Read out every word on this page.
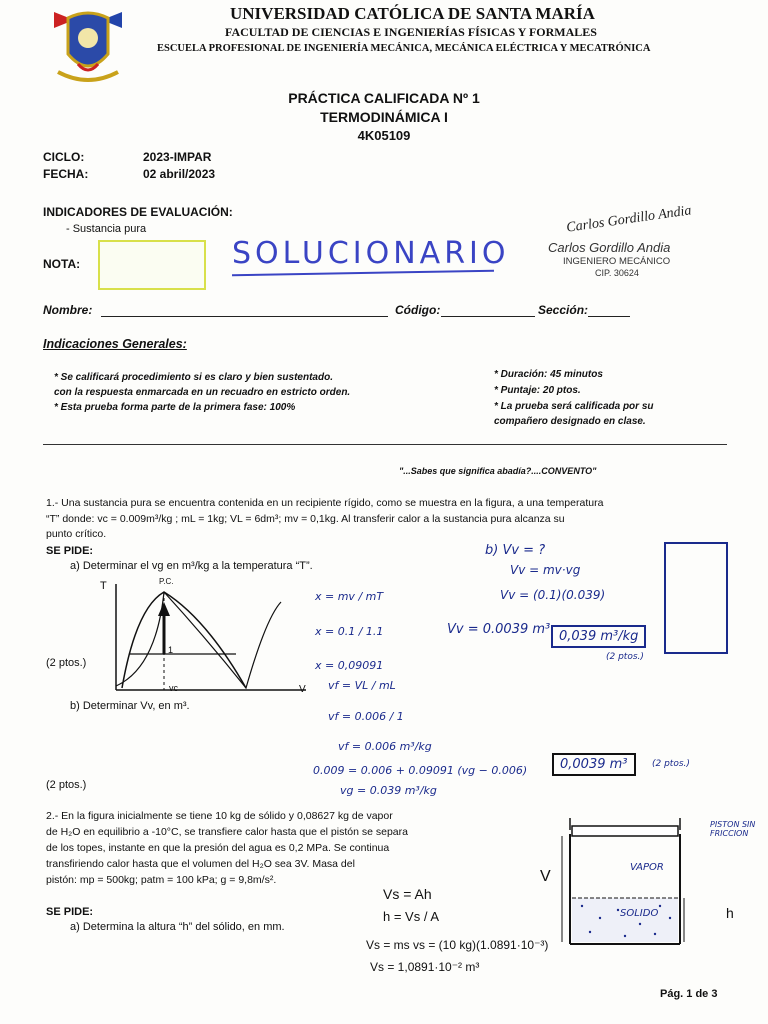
UNIVERSIDAD CATÓLICA DE SANTA MARÍA
FACULTAD DE CIENCIAS E INGENIERÍAS FÍSICAS Y FORMALES
ESCUELA PROFESIONAL DE INGENIERÍA MECÁNICA, MECÁNICA ELÉCTRICA Y MECATRÓNICA
PRÁCTICA CALIFICADA Nº 1
TERMODINÁMICA I
4K05109
CICLO:	2023-IMPAR
FECHA:	02 abril/2023
INDICADORES DE EVALUACIÓN:
- Sustancia pura
NOTA:	SOLUCIONARIO
Carlos Gordillo Andia
Carlos Gordillo Andia
INGENIERO MECÁNICO
CIP. 30624
Nombre:	Código:	Sección:
Indicaciones Generales:
* Se calificará procedimiento si es claro y bien sustentado.
con la respuesta enmarcada en un recuadro en estricto orden.
* Esta prueba forma parte de la primera fase: 100%
* Duración: 45 minutos
* Puntaje: 20 ptos.
* La prueba será calificada por su
compañero designado en clase.
"...Sabes que significa abadía?....CONVENTO"
1.- Una sustancia pura se encuentra contenida en un recipiente rígido, como se muestra en la figura, a una temperatura
“T” donde: vc = 0.009m³/kg ; mL = 1kg; VL = 6dm³; mv = 0,1kg. Al transferir calor a la sustancia pura alcanza su
punto crítico.
SE PIDE:
a) Determinar el vg en m³/kg a la temperatura “T”.
(2 ptos.)
b) Determinar Vv, en m³.
(2 ptos.)
T	P.C.
1
vc	V
x = mv / mT
x = 0.1 / 1.1
x = 0,09091
vf = VL / mL
vf = 0.006 / 1
vf = 0.006 m³/kg
0.009 = 0.006 + 0.09091 (vg − 0.006)
vg = 0.039 m³/kg
b) Vv = ?
Vv = mv·vg
Vv = (0.1)(0.039)
Vv = 0.0039 m³ 0,039 m³/kg
(2 ptos.)
0,0039 m³	(2 ptos.)
2.- En la figura inicialmente se tiene 10 kg de sólido y 0,08627 kg de vapor
de H₂O en equilibrio a -10°C, se transfiere calor hasta que el pistón se separa
de los topes, instante en que la presión del agua es 0,2 MPa. Se continua
transfiriendo calor hasta que el volumen del H₂O sea 3V. Masa del
pistón: mp = 500kg; patm = 100 kPa; g = 9,8m/s².
SE PIDE:
a) Determina la altura “h” del sólido, en mm.
PISTON SIN FRICCION
VAPOR
SOLIDO
V
h
Vs = Ah
h = Vs / A
Vs = ms vs = (10 kg)(1.0891·10⁻³)
Vs = 1,0891·10⁻² m³
Pág. 1 de 3
